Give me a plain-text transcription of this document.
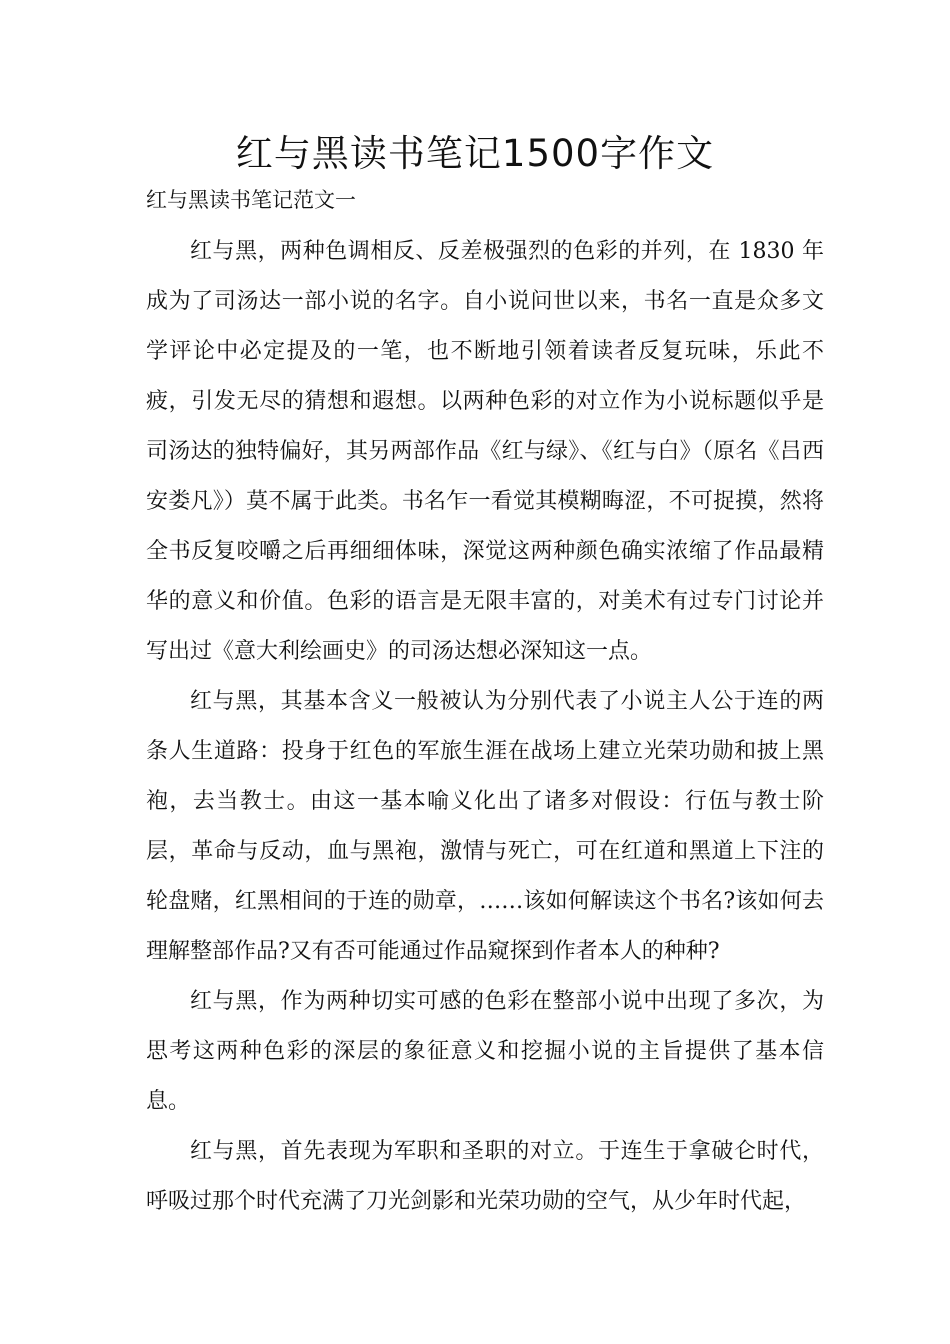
红与黑读书笔记1500字作文

红与黑读书笔记范文一

红与黑，两种色调相反、反差极强烈的色彩的并列，在 1830 年成为了司汤达一部小说的名字。自小说问世以来，书名一直是众多文学评论中必定提及的一笔，也不断地引领着读者反复玩味，乐此不疲，引发无尽的猜想和遐想。以两种色彩的对立作为小说标题似乎是司汤达的独特偏好，其另两部作品《红与绿》、《红与白》（原名《吕西安娄凡》）莫不属于此类。书名乍一看觉其模糊晦涩，不可捉摸，然将全书反复咬嚼之后再细细体味，深觉这两种颜色确实浓缩了作品最精华的意义和价值。色彩的语言是无限丰富的，对美术有过专门讨论并写出过《意大利绘画史》的司汤达想必深知这一点。

红与黑，其基本含义一般被认为分别代表了小说主人公于连的两条人生道路：投身于红色的军旅生涯在战场上建立光荣功勋和披上黑袍，去当教士。由这一基本喻义化出了诸多对假设：行伍与教士阶层，革命与反动，血与黑袍，激情与死亡，可在红道和黑道上下注的轮盘赌，红黑相间的于连的勋章，……该如何解读这个书名?该如何去理解整部作品?又有否可能通过作品窥探到作者本人的种种?

红与黑，作为两种切实可感的色彩在整部小说中出现了多次，为思考这两种色彩的深层的象征意义和挖掘小说的主旨提供了基本信息。

红与黑，首先表现为军职和圣职的对立。于连生于拿破仑时代，呼吸过那个时代充满了刀光剑影和光荣功勋的空气，从少年时代起，
